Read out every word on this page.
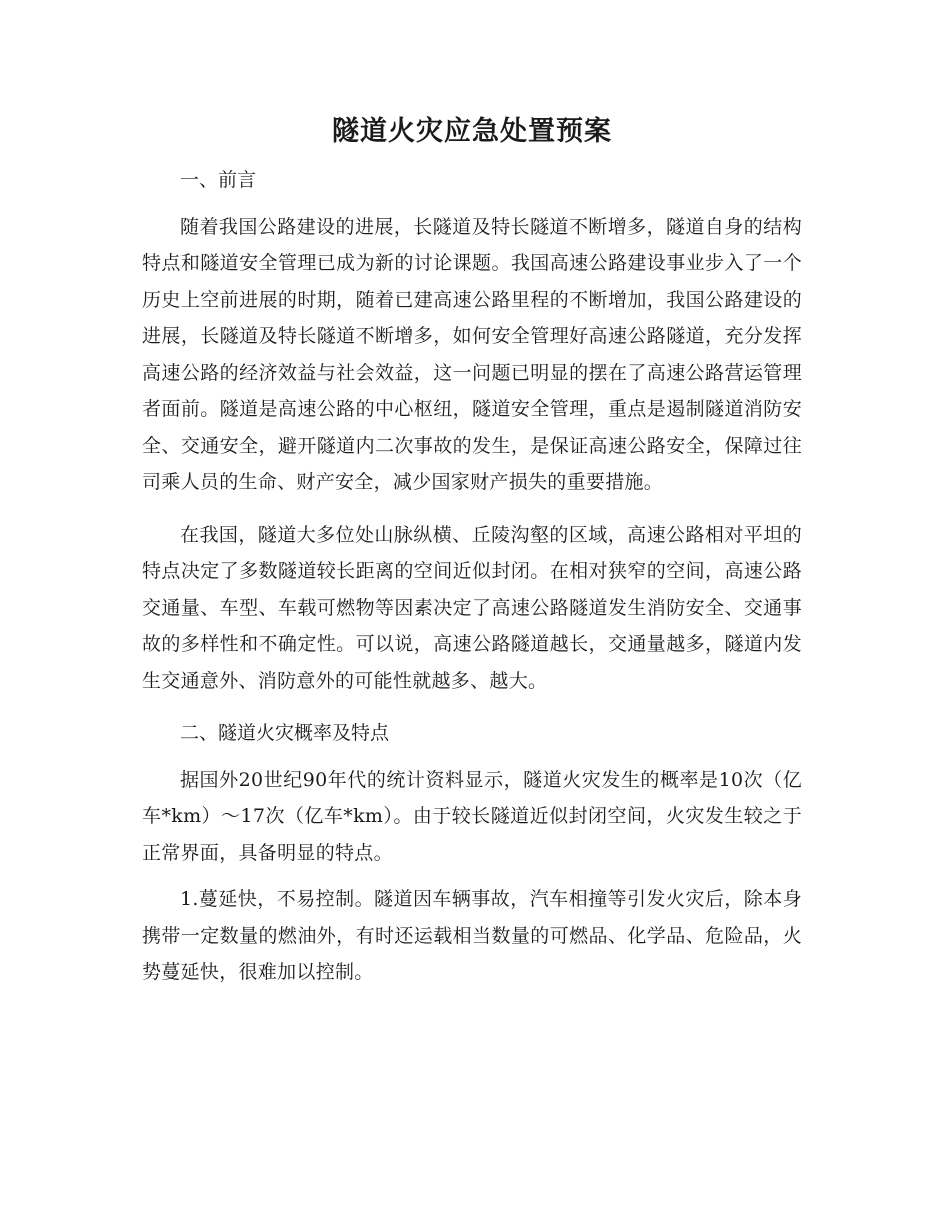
隧道火灾应急处置预案

一、前言

随着我国公路建设的进展，长隧道及特长隧道不断增多，隧道自身的结构特点和隧道安全管理已成为新的讨论课题。我国高速公路建设事业步入了一个历史上空前进展的时期，随着已建高速公路里程的不断增加，我国公路建设的进展，长隧道及特长隧道不断增多，如何安全管理好高速公路隧道，充分发挥高速公路的经济效益与社会效益，这一问题已明显的摆在了高速公路营运管理者面前。隧道是高速公路的中心枢纽，隧道安全管理，重点是遏制隧道消防安全、交通安全，避开隧道内二次事故的发生，是保证高速公路安全，保障过往司乘人员的生命、财产安全，减少国家财产损失的重要措施。

在我国，隧道大多位处山脉纵横、丘陵沟壑的区域，高速公路相对平坦的特点决定了多数隧道较长距离的空间近似封闭。在相对狭窄的空间，高速公路交通量、车型、车载可燃物等因素决定了高速公路隧道发生消防安全、交通事故的多样性和不确定性。可以说，高速公路隧道越长，交通量越多，隧道内发生交通意外、消防意外的可能性就越多、越大。

二、隧道火灾概率及特点

据国外20世纪90年代的统计资料显示，隧道火灾发生的概率是10次（亿车*km）～17次（亿车*km）。由于较长隧道近似封闭空间，火灾发生较之于正常界面，具备明显的特点。

1.蔓延快，不易控制。隧道因车辆事故，汽车相撞等引发火灾后，除本身携带一定数量的燃油外，有时还运载相当数量的可燃品、化学品、危险品，火势蔓延快，很难加以控制。
